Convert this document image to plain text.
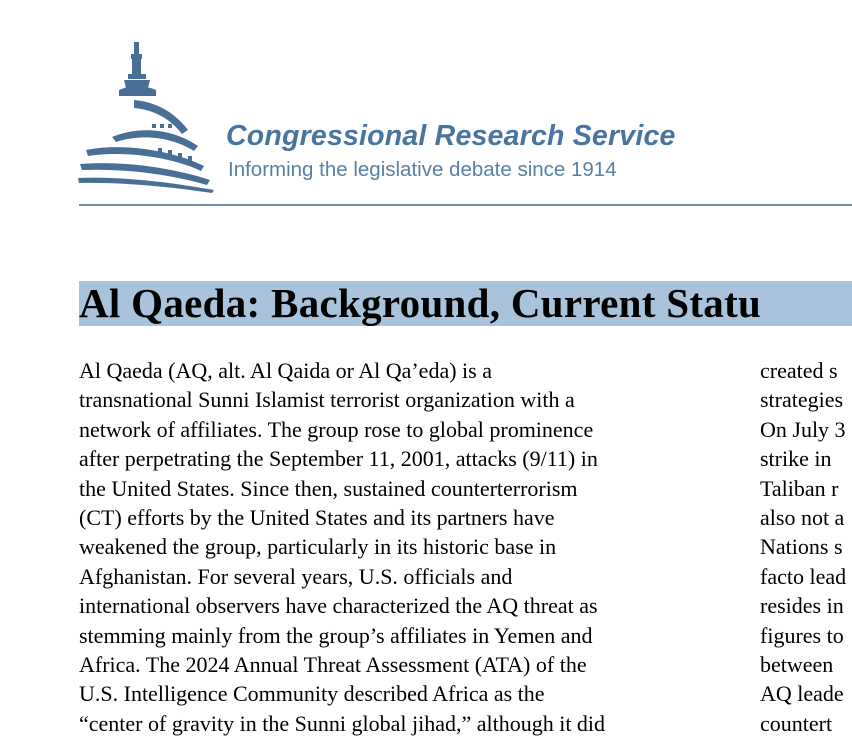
Congressional Research Service
Informing the legislative debate since 1914
Al Qaeda: Background, Current Statu
Al Qaeda (AQ, alt. Al Qaida or Al Qa’eda) is a
transnational Sunni Islamist terrorist organization with a
network of affiliates. The group rose to global prominence
after perpetrating the September 11, 2001, attacks (9/11) in
the United States. Since then, sustained counterterrorism
(CT) efforts by the United States and its partners have
weakened the group, particularly in its historic base in
Afghanistan. For several years, U.S. officials and
international observers have characterized the AQ threat as
stemming mainly from the group’s affiliates in Yemen and
Africa. The 2024 Annual Threat Assessment (ATA) of the
U.S. Intelligence Community described Africa as the
“center of gravity in the Sunni global jihad,” although it did
created s
strategies
On July 3
strike in
Taliban r
also not a
Nations s
facto lead
resides in
figures to
between
AQ leade
countert
